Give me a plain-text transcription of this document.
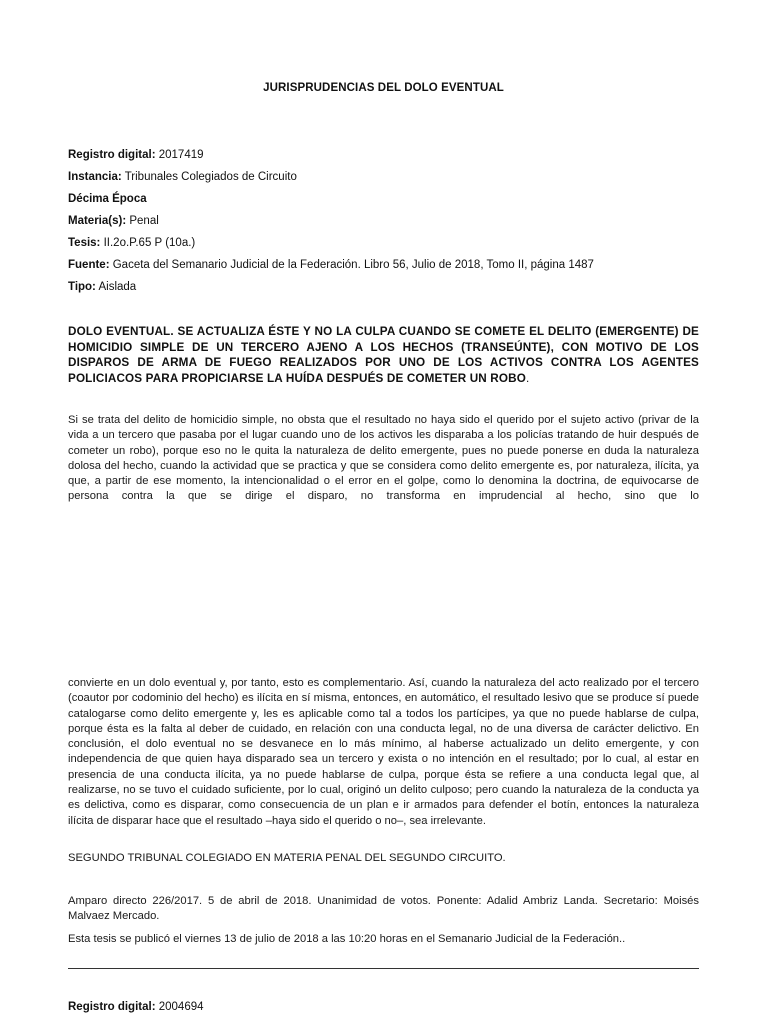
JURISPRUDENCIAS DEL DOLO EVENTUAL
Registro digital: 2017419
Instancia: Tribunales Colegiados de Circuito
Décima Época
Materia(s): Penal
Tesis: II.2o.P.65 P (10a.)
Fuente: Gaceta del Semanario Judicial de la Federación. Libro 56, Julio de 2018, Tomo II, página 1487
Tipo: Aislada
DOLO EVENTUAL. SE ACTUALIZA ÉSTE Y NO LA CULPA CUANDO SE COMETE EL DELITO (EMERGENTE) DE HOMICIDIO SIMPLE DE UN TERCERO AJENO A LOS HECHOS (TRANSEÚNTE), CON MOTIVO DE LOS DISPAROS DE ARMA DE FUEGO REALIZADOS POR UNO DE LOS ACTIVOS CONTRA LOS AGENTES POLICIACOS PARA PROPICIARSE LA HUÍDA DESPUÉS DE COMETER UN ROBO.
Si se trata del delito de homicidio simple, no obsta que el resultado no haya sido el querido por el sujeto activo (privar de la vida a un tercero que pasaba por el lugar cuando uno de los activos les disparaba a los policías tratando de huir después de cometer un robo), porque eso no le quita la naturaleza de delito emergente, pues no puede ponerse en duda la naturaleza dolosa del hecho, cuando la actividad que se practica y que se considera como delito emergente es, por naturaleza, ilícita, ya que, a partir de ese momento, la intencionalidad o el error en el golpe, como lo denomina la doctrina, de equivocarse de persona contra la que se dirige el disparo, no transforma en imprudencial al hecho, sino que lo
convierte en un dolo eventual y, por tanto, esto es complementario. Así, cuando la naturaleza del acto realizado por el tercero (coautor por codominio del hecho) es ilícita en sí misma, entonces, en automático, el resultado lesivo que se produce sí puede catalogarse como delito emergente y, les es aplicable como tal a todos los partícipes, ya que no puede hablarse de culpa, porque ésta es la falta al deber de cuidado, en relación con una conducta legal, no de una diversa de carácter delictivo. En conclusión, el dolo eventual no se desvanece en lo más mínimo, al haberse actualizado un delito emergente, y con independencia de que quien haya disparado sea un tercero y exista o no intención en el resultado; por lo cual, al estar en presencia de una conducta ilícita, ya no puede hablarse de culpa, porque ésta se refiere a una conducta legal que, al realizarse, no se tuvo el cuidado suficiente, por lo cual, originó un delito culposo; pero cuando la naturaleza de la conducta ya es delictiva, como es disparar, como consecuencia de un plan e ir armados para defender el botín, entonces la naturaleza ilícita de disparar hace que el resultado –haya sido el querido o no–, sea irrelevante.
SEGUNDO TRIBUNAL COLEGIADO EN MATERIA PENAL DEL SEGUNDO CIRCUITO.
Amparo directo 226/2017. 5 de abril de 2018. Unanimidad de votos. Ponente: Adalid Ambriz Landa. Secretario: Moisés Malvaez Mercado.
Esta tesis se publicó el viernes 13 de julio de 2018 a las 10:20 horas en el Semanario Judicial de la Federación..
Registro digital: 2004694
